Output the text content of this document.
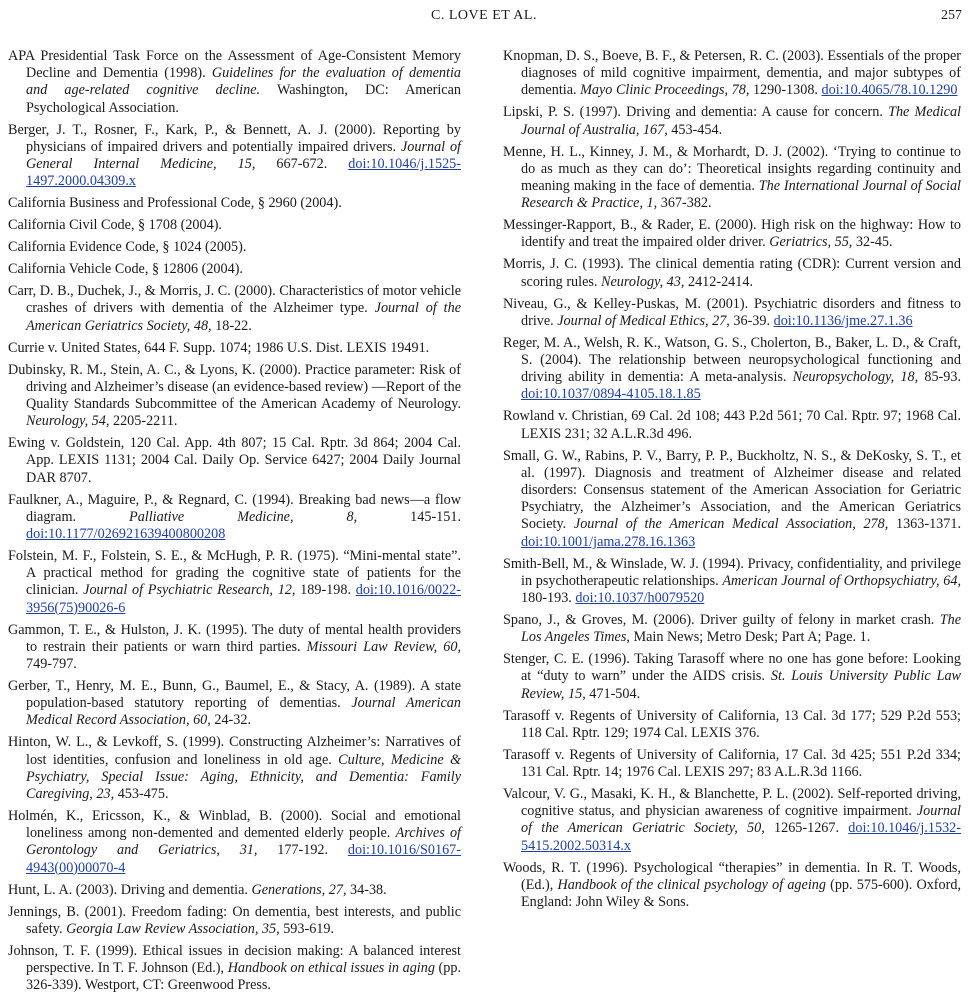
C. LOVE ET AL.	257

APA Presidential Task Force on the Assessment of Age-Consistent Memory Decline and Dementia (1998). Guidelines for the evaluation of dementia and age-related cognitive decline. Washington, DC: American Psychological Association.

Berger, J. T., Rosner, F., Kark, P., & Bennett, A. J. (2000). Reporting by physicians of impaired drivers and potentially impaired drivers. Journal of General Internal Medicine, 15, 667-672. doi:10.1046/j.1525-1497.2000.04309.x

California Business and Professional Code, § 2960 (2004).

California Civil Code, § 1708 (2004).

California Evidence Code, § 1024 (2005).

California Vehicle Code, § 12806 (2004).

Carr, D. B., Duchek, J., & Morris, J. C. (2000). Characteristics of motor vehicle crashes of drivers with dementia of the Alzheimer type. Journal of the American Geriatrics Society, 48, 18-22.

Currie v. United States, 644 F. Supp. 1074; 1986 U.S. Dist. LEXIS 19491.

Dubinsky, R. M., Stein, A. C., & Lyons, K. (2000). Practice parameter: Risk of driving and Alzheimer’s disease (an evidence-based review) —Report of the Quality Standards Subcommittee of the American Academy of Neurology. Neurology, 54, 2205-2211.

Ewing v. Goldstein, 120 Cal. App. 4th 807; 15 Cal. Rptr. 3d 864; 2004 Cal. App. LEXIS 1131; 2004 Cal. Daily Op. Service 6427; 2004 Daily Journal DAR 8707.

Faulkner, A., Maguire, P., & Regnard, C. (1994). Breaking bad news—a flow diagram. Palliative Medicine, 8, 145-151. doi:10.1177/026921639400800208

Folstein, M. F., Folstein, S. E., & McHugh, P. R. (1975). “Mini-mental state”. A practical method for grading the cognitive state of patients for the clinician. Journal of Psychiatric Research, 12, 189-198. doi:10.1016/0022-3956(75)90026-6

Gammon, T. E., & Hulston, J. K. (1995). The duty of mental health providers to restrain their patients or warn third parties. Missouri Law Review, 60, 749-797.

Gerber, T., Henry, M. E., Bunn, G., Baumel, E., & Stacy, A. (1989). A state population-based statutory reporting of dementias. Journal American Medical Record Association, 60, 24-32.

Hinton, W. L., & Levkoff, S. (1999). Constructing Alzheimer’s: Narratives of lost identities, confusion and loneliness in old age. Culture, Medicine & Psychiatry, Special Issue: Aging, Ethnicity, and Dementia: Family Caregiving, 23, 453-475.

Holmén, K., Ericsson, K., & Winblad, B. (2000). Social and emotional loneliness among non-demented and demented elderly people. Archives of Gerontology and Geriatrics, 31, 177-192. doi:10.1016/S0167-4943(00)00070-4

Hunt, L. A. (2003). Driving and dementia. Generations, 27, 34-38.

Jennings, B. (2001). Freedom fading: On dementia, best interests, and public safety. Georgia Law Review Association, 35, 593-619.

Johnson, T. F. (1999). Ethical issues in decision making: A balanced interest perspective. In T. F. Johnson (Ed.), Handbook on ethical issues in aging (pp. 326-339). Westport, CT: Greenwood Press.

Knopman, D. S., Boeve, B. F., & Petersen, R. C. (2003). Essentials of the proper diagnoses of mild cognitive impairment, dementia, and major subtypes of dementia. Mayo Clinic Proceedings, 78, 1290-1308. doi:10.4065/78.10.1290

Lipski, P. S. (1997). Driving and dementia: A cause for concern. The Medical Journal of Australia, 167, 453-454.

Menne, H. L., Kinney, J. M., & Morhardt, D. J. (2002). ‘Trying to continue to do as much as they can do’: Theoretical insights regarding continuity and meaning making in the face of dementia. The International Journal of Social Research & Practice, 1, 367-382.

Messinger-Rapport, B., & Rader, E. (2000). High risk on the highway: How to identify and treat the impaired older driver. Geriatrics, 55, 32-45.

Morris, J. C. (1993). The clinical dementia rating (CDR): Current version and scoring rules. Neurology, 43, 2412-2414.

Niveau, G., & Kelley-Puskas, M. (2001). Psychiatric disorders and fitness to drive. Journal of Medical Ethics, 27, 36-39. doi:10.1136/jme.27.1.36

Reger, M. A., Welsh, R. K., Watson, G. S., Cholerton, B., Baker, L. D., & Craft, S. (2004). The relationship between neuropsychological functioning and driving ability in dementia: A meta-analysis. Neuropsychology, 18, 85-93. doi:10.1037/0894-4105.18.1.85

Rowland v. Christian, 69 Cal. 2d 108; 443 P.2d 561; 70 Cal. Rptr. 97; 1968 Cal. LEXIS 231; 32 A.L.R.3d 496.

Small, G. W., Rabins, P. V., Barry, P. P., Buckholtz, N. S., & DeKosky, S. T., et al. (1997). Diagnosis and treatment of Alzheimer disease and related disorders: Consensus statement of the American Association for Geriatric Psychiatry, the Alzheimer’s Association, and the American Geriatrics Society. Journal of the American Medical Association, 278, 1363-1371. doi:10.1001/jama.278.16.1363

Smith-Bell, M., & Winslade, W. J. (1994). Privacy, confidentiality, and privilege in psychotherapeutic relationships. American Journal of Orthopsychiatry, 64, 180-193. doi:10.1037/h0079520

Spano, J., & Groves, M. (2006). Driver guilty of felony in market crash. The Los Angeles Times, Main News; Metro Desk; Part A; Page. 1.

Stenger, C. E. (1996). Taking Tarasoff where no one has gone before: Looking at “duty to warn” under the AIDS crisis. St. Louis University Public Law Review, 15, 471-504.

Tarasoff v. Regents of University of California, 13 Cal. 3d 177; 529 P.2d 553; 118 Cal. Rptr. 129; 1974 Cal. LEXIS 376.

Tarasoff v. Regents of University of California, 17 Cal. 3d 425; 551 P.2d 334; 131 Cal. Rptr. 14; 1976 Cal. LEXIS 297; 83 A.L.R.3d 1166.

Valcour, V. G., Masaki, K. H., & Blanchette, P. L. (2002). Self-reported driving, cognitive status, and physician awareness of cognitive impairment. Journal of the American Geriatric Society, 50, 1265-1267. doi:10.1046/j.1532-5415.2002.50314.x

Woods, R. T. (1996). Psychological “therapies” in dementia. In R. T. Woods, (Ed.), Handbook of the clinical psychology of ageing (pp. 575-600). Oxford, England: John Wiley & Sons.
